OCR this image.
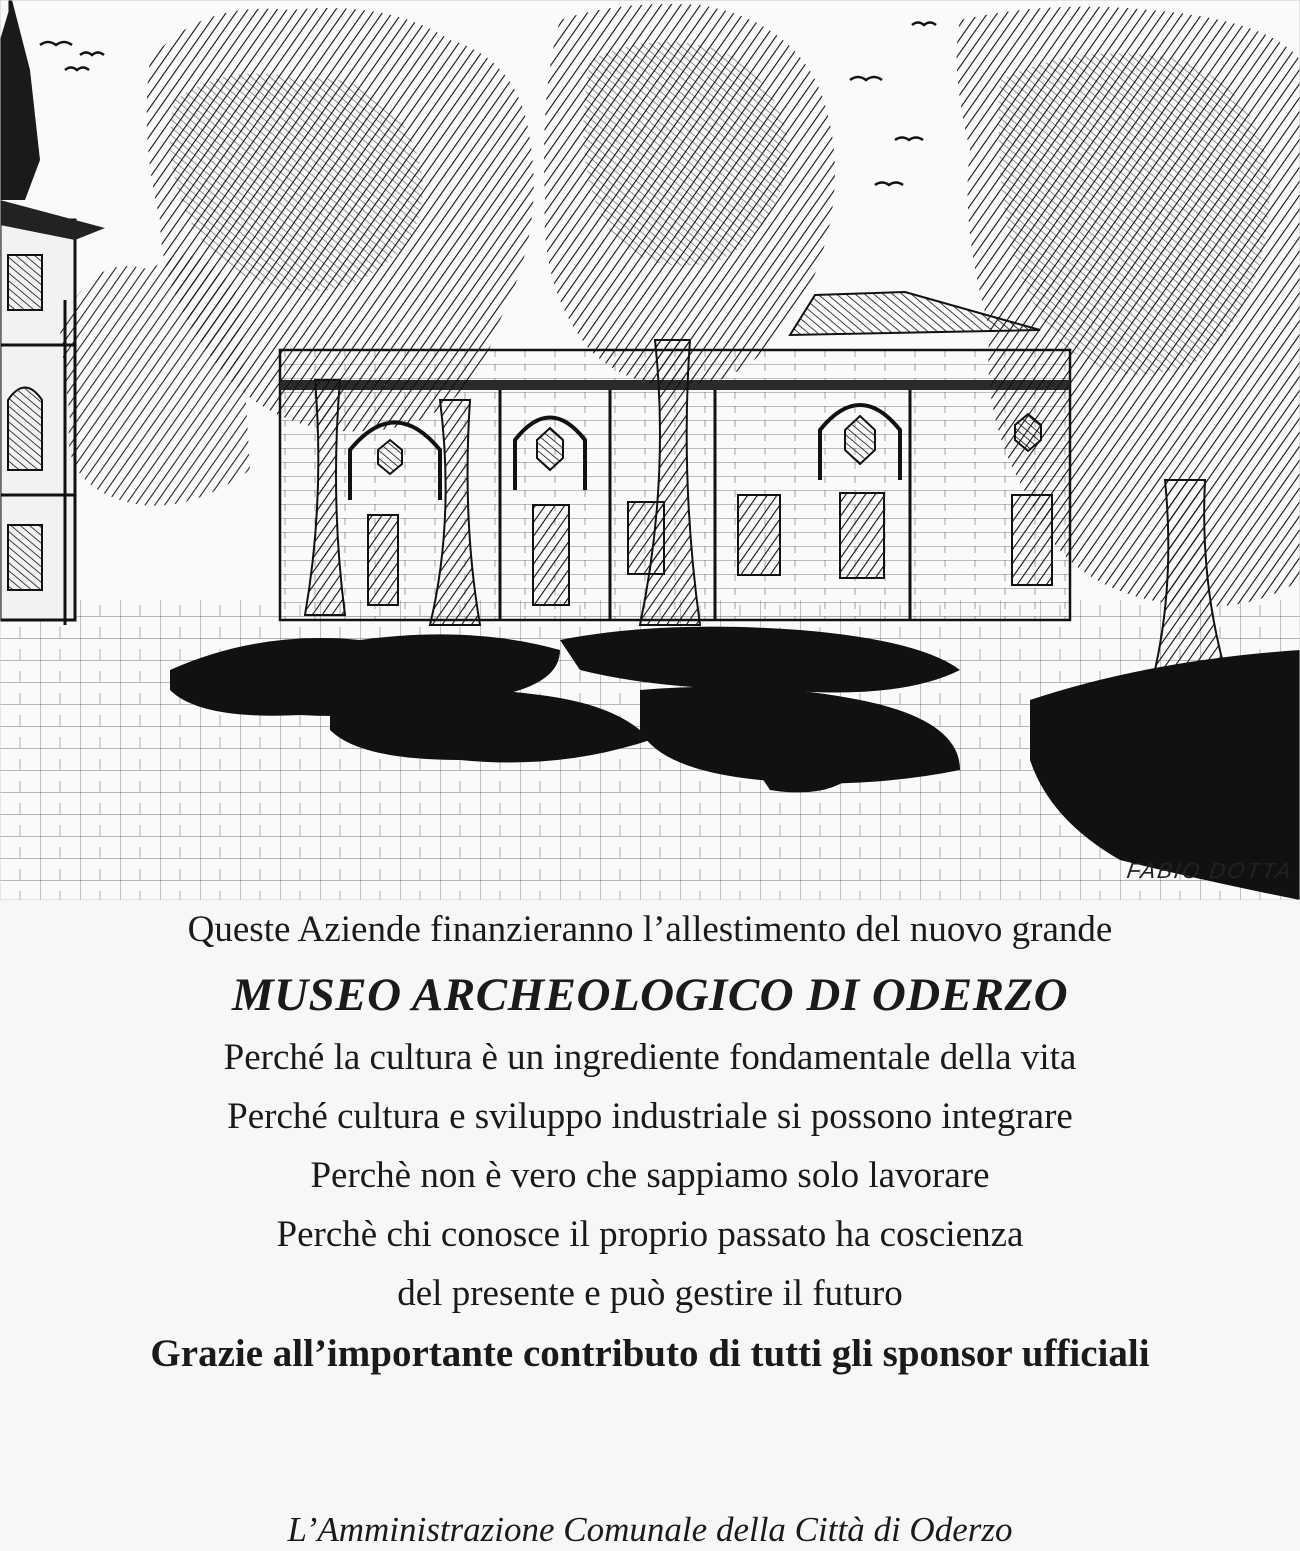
FABIO DOTTA

Queste Aziende finanzieranno l’allestimento del nuovo grande

MUSEO ARCHEOLOGICO DI ODERZO

Perché la cultura è un ingrediente fondamentale della vita

Perché cultura e sviluppo industriale si possono integrare

Perchè non è vero che sappiamo solo lavorare

Perchè chi conosce il proprio passato ha coscienza

del presente e può gestire il futuro

Grazie all’importante contributo di tutti gli sponsor ufficiali

L’Amministrazione Comunale della Città di Oderzo
